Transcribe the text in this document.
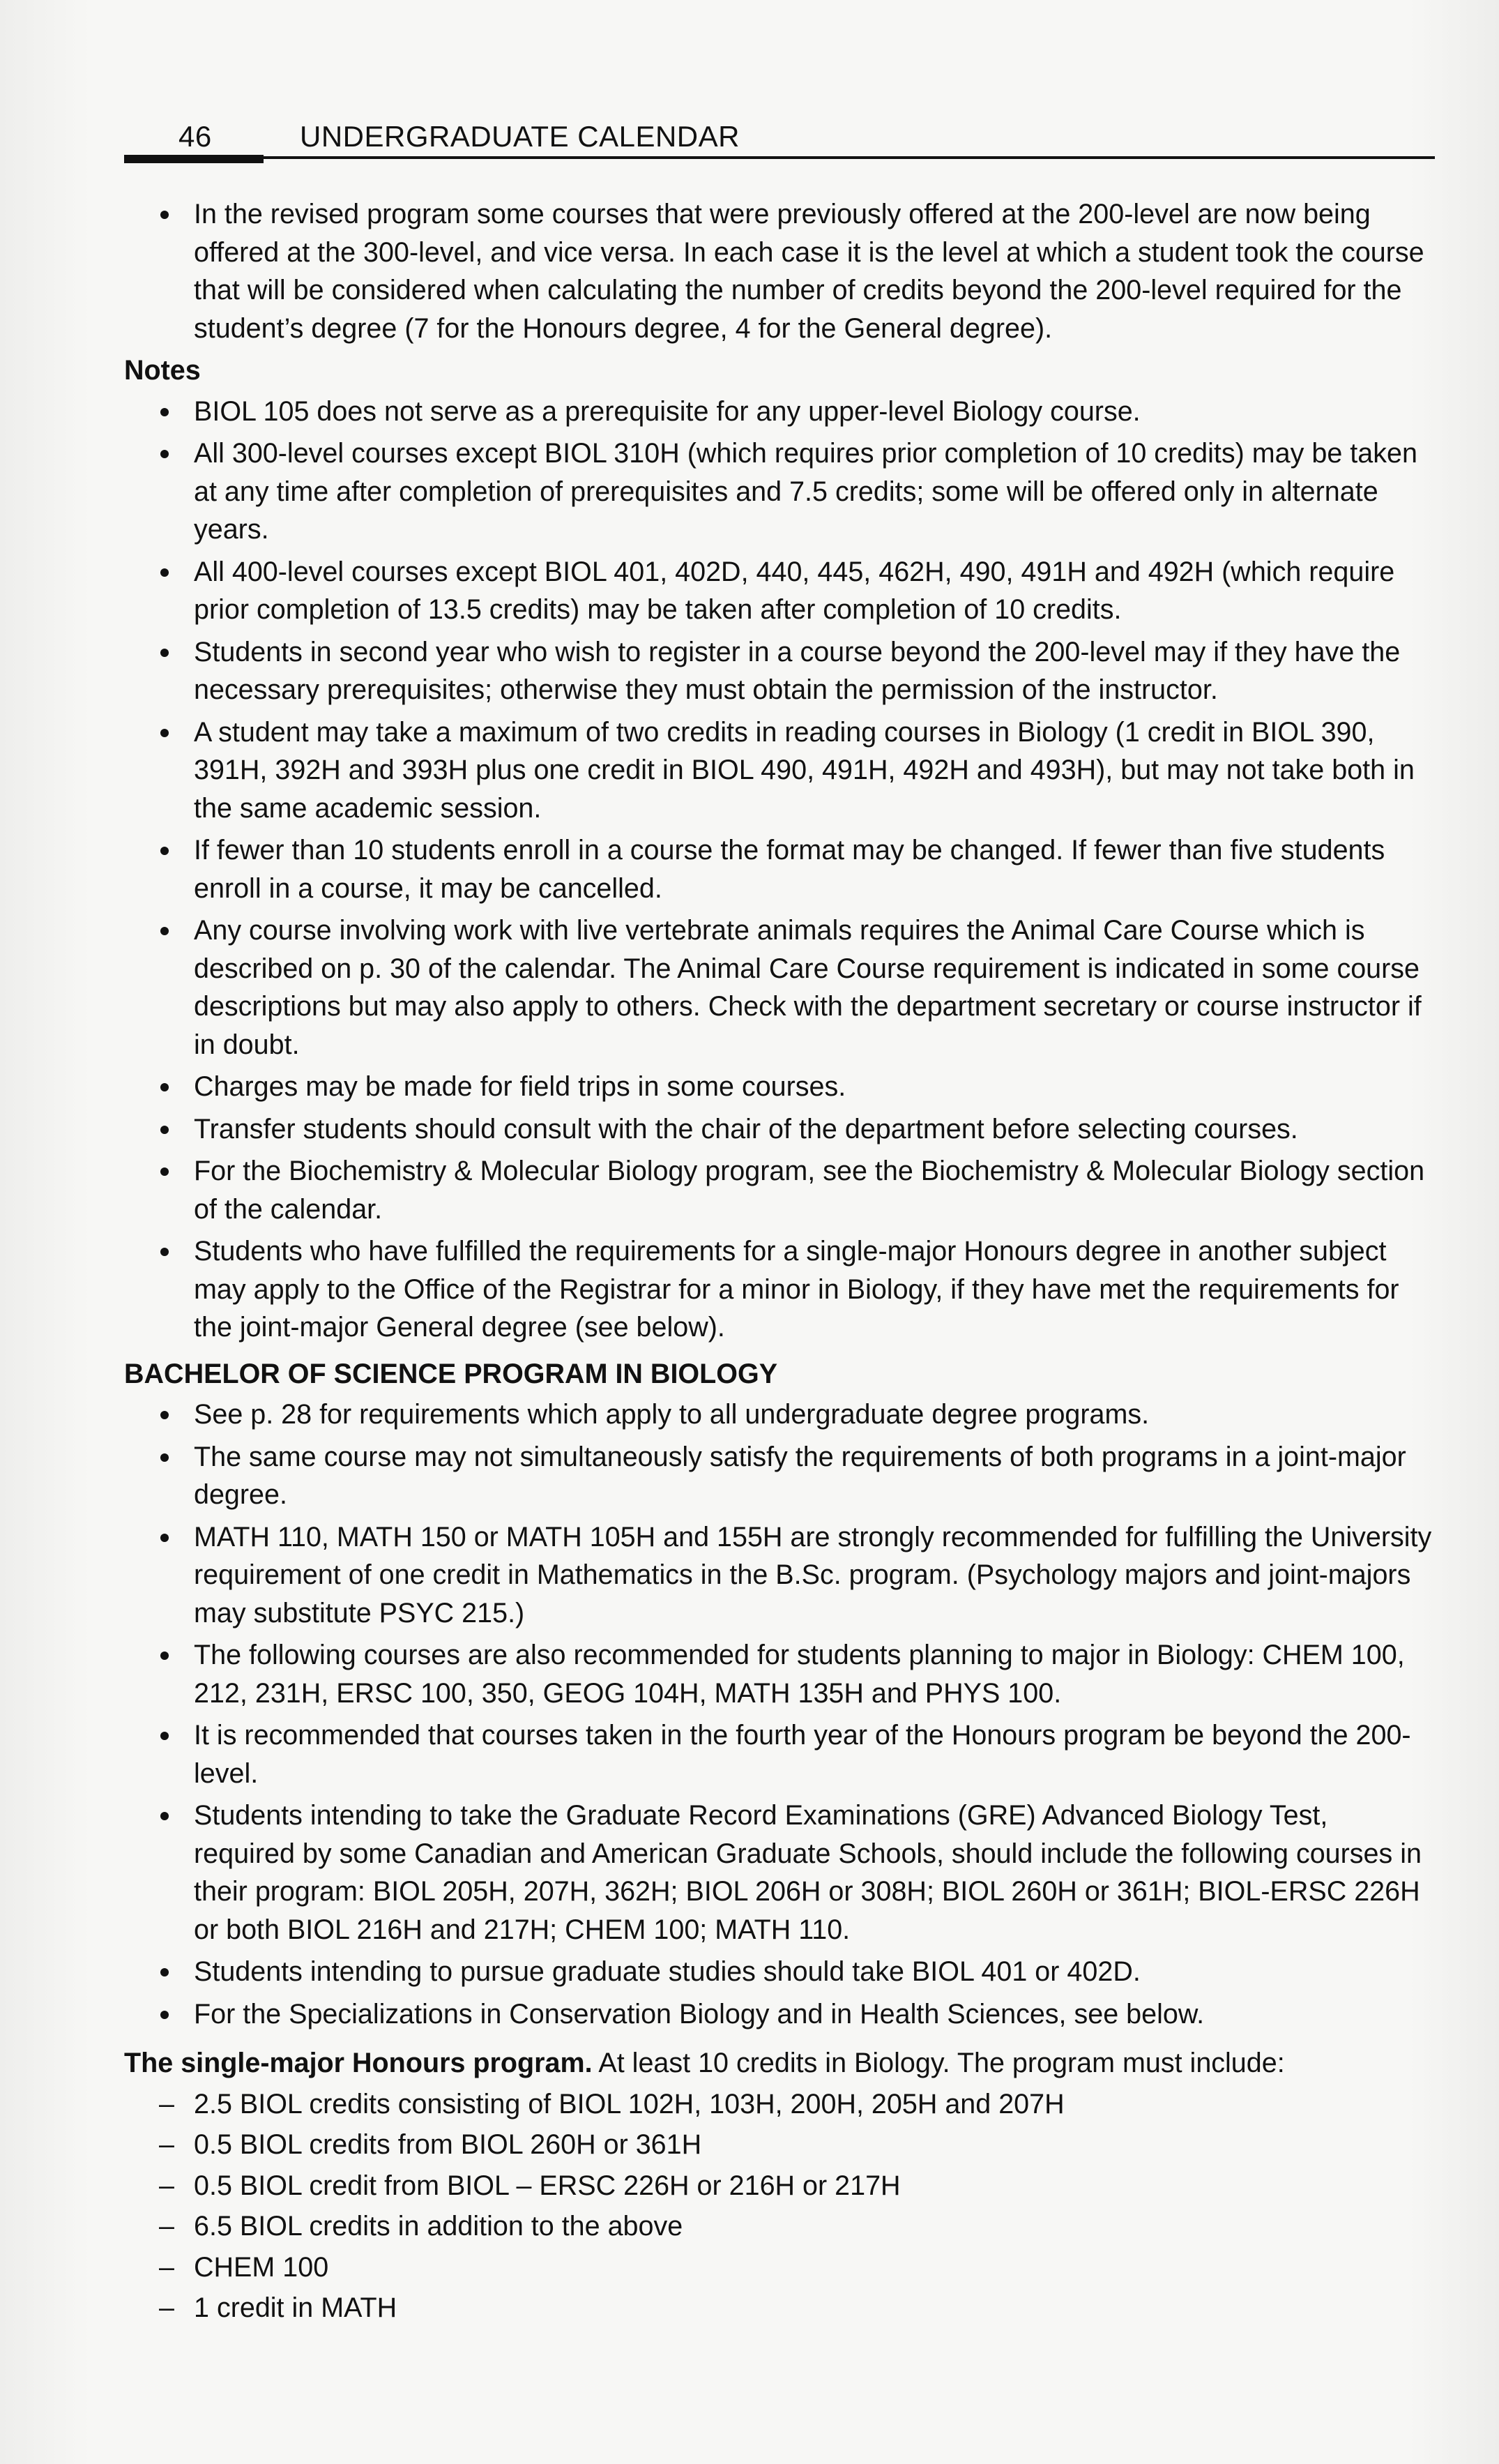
46	UNDERGRADUATE CALENDAR
In the revised program some courses that were previously offered at the 200-level are now being offered at the 300-level, and vice versa. In each case it is the level at which a student took the course that will be considered when calculating the number of credits beyond the 200-level required for the student’s degree (7 for the Honours degree, 4 for the General degree).
Notes
BIOL 105 does not serve as a prerequisite for any upper-level Biology course.
All 300-level courses except BIOL 310H (which requires prior completion of 10 credits) may be taken at any time after completion of prerequisites and 7.5 credits; some will be offered only in alternate years.
All 400-level courses except BIOL 401, 402D, 440, 445, 462H, 490, 491H and 492H (which require prior completion of 13.5 credits) may be taken after completion of 10 credits.
Students in second year who wish to register in a course beyond the 200-level may if they have the necessary prerequisites; otherwise they must obtain the permission of the instructor.
A student may take a maximum of two credits in reading courses in Biology (1 credit in BIOL 390, 391H, 392H and 393H plus one credit in BIOL 490, 491H, 492H and 493H), but may not take both in the same academic session.
If fewer than 10 students enroll in a course the format may be changed. If fewer than five students enroll in a course, it may be cancelled.
Any course involving work with live vertebrate animals requires the Animal Care Course which is described on p. 30 of the calendar. The Animal Care Course requirement is indicated in some course descriptions but may also apply to others. Check with the department secretary or course instructor if in doubt.
Charges may be made for field trips in some courses.
Transfer students should consult with the chair of the department before selecting courses.
For the Biochemistry & Molecular Biology program, see the Biochemistry & Molecular Biology section of the calendar.
Students who have fulfilled the requirements for a single-major Honours degree in another subject may apply to the Office of the Registrar for a minor in Biology, if they have met the requirements for the joint-major General degree (see below).
BACHELOR OF SCIENCE PROGRAM IN BIOLOGY
See p. 28 for requirements which apply to all undergraduate degree programs.
The same course may not simultaneously satisfy the requirements of both programs in a joint-major degree.
MATH 110, MATH 150 or MATH 105H and 155H are strongly recommended for fulfilling the University requirement of one credit in Mathematics in the B.Sc. program. (Psychology majors and joint-majors may substitute PSYC 215.)
The following courses are also recommended for students planning to major in Biology: CHEM 100, 212, 231H, ERSC 100, 350, GEOG 104H, MATH 135H and PHYS 100.
It is recommended that courses taken in the fourth year of the Honours program be beyond the 200-level.
Students intending to take the Graduate Record Examinations (GRE) Advanced Biology Test, required by some Canadian and American Graduate Schools, should include the following courses in their program: BIOL 205H, 207H, 362H; BIOL 206H or 308H; BIOL 260H or 361H; BIOL-ERSC 226H or both BIOL 216H and 217H; CHEM 100; MATH 110.
Students intending to pursue graduate studies should take BIOL 401 or 402D.
For the Specializations in Conservation Biology and in Health Sciences, see below.
The single-major Honours program. At least 10 credits in Biology. The program must include:
– 2.5 BIOL credits consisting of BIOL 102H, 103H, 200H, 205H and 207H
– 0.5 BIOL credits from BIOL 260H or 361H
– 0.5 BIOL credit from BIOL – ERSC 226H or 216H or 217H
– 6.5 BIOL credits in addition to the above
– CHEM 100
– 1 credit in MATH
